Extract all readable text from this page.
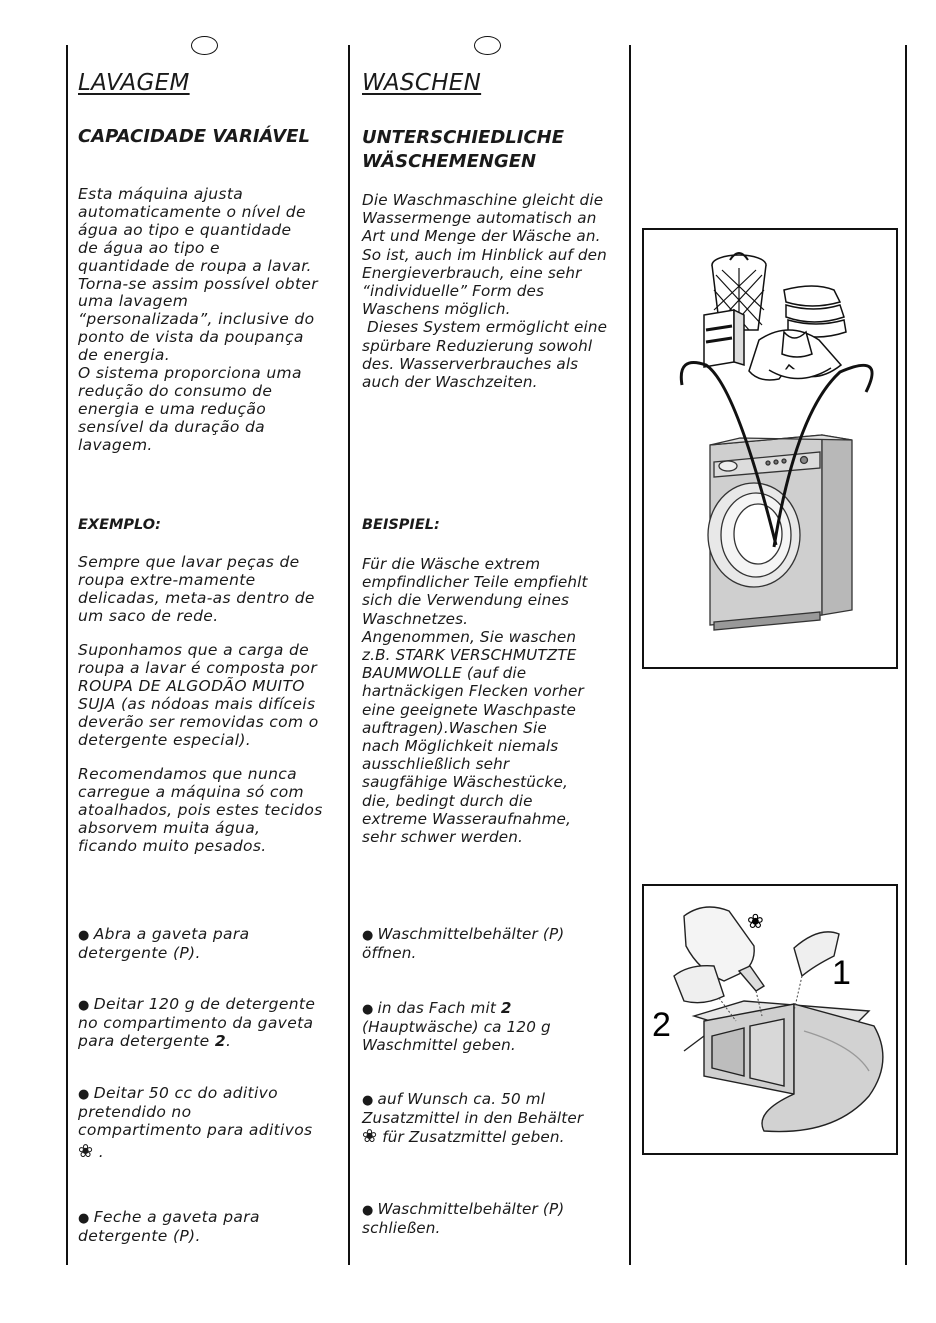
LAVAGEM
CAPACIDADE VARIÁVEL
Esta máquina ajusta
automaticamente o nível de
água ao tipo e quantidade
de água ao tipo e
quantidade de roupa a lavar.
Torna-se assim possível obter
uma lavagem
“personalizada”, inclusive do
ponto de vista da poupança
de energia.
O sistema proporciona uma
redução do consumo de
energia e uma redução
sensível da duração da
lavagem.
EXEMPLO:
Sempre que lavar peças de
roupa extre-mamente
delicadas, meta-as dentro de
um saco de rede.
Suponhamos que a carga de
roupa a lavar é composta por
ROUPA DE ALGODÃO MUITO
SUJA (as nódoas mais difíceis
deverão ser removidas com o
detergente especial).
Recomendamos que nunca
carregue a máquina só com
atoalhados, pois estes tecidos
absorvem muita água,
ficando muito pesados.
● Abra a gaveta para
detergente (P).
● Deitar 120 g de detergente
no compartimento da gaveta
para detergente 2.
● Deitar 50 cc do aditivo
pretendido no
compartimento para aditivos
❀ .
● Feche a gaveta para
detergente (P).
WASCHEN
UNTERSCHIEDLICHE
WÄSCHEMENGEN
Die Waschmaschine gleicht die
Wassermenge automatisch an
Art und Menge der Wäsche an.
So ist, auch im Hinblick auf den
Energieverbrauch, eine sehr
“individuelle” Form des
Waschens möglich.
Dieses System ermöglicht eine
spürbare Reduzierung sowohl
des. Wasserverbrauches als
auch der Waschzeiten.
BEISPIEL:
Für die Wäsche extrem
empfindlicher Teile empfiehlt
sich die Verwendung eines
Waschnetzes.
Angenommen, Sie waschen
z.B. STARK VERSCHMUTZTE
BAUMWOLLE (auf die
hartnäckigen Flecken vorher
eine geeignete Waschpaste
auftragen).Waschen Sie
nach Möglichkeit niemals
ausschließlich sehr
saugfähige Wäschestücke,
die, bedingt durch die
extreme Wasseraufnahme,
sehr schwer werden.
● Waschmittelbehälter (P)
öffnen.
● in das Fach mit 2
(Hauptwäsche) ca 120 g
Waschmittel geben.
● auf Wunsch ca. 50 ml
Zusatzmittel in den Behälter
❀ für Zusatzmittel geben.
● Waschmittelbehälter (P)
schließen.
❀
1
2
